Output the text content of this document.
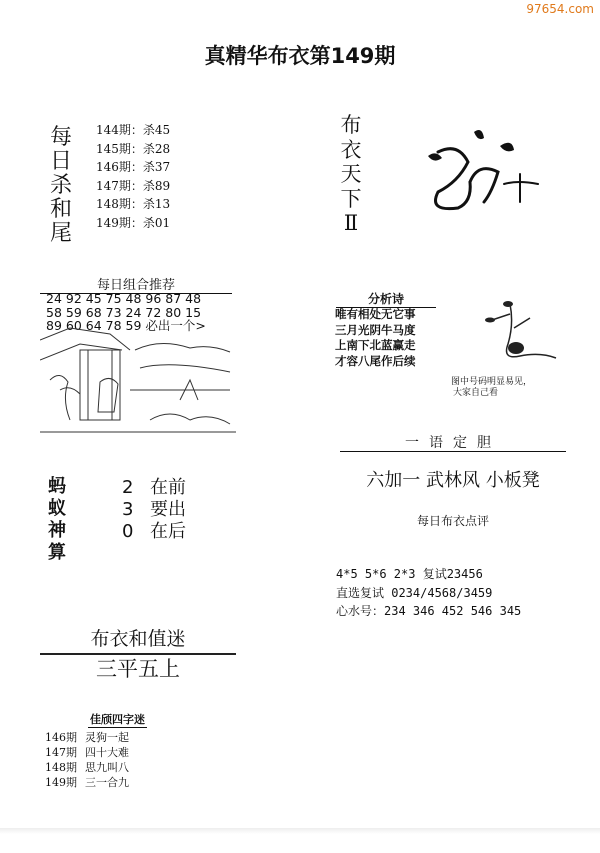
97654.com
真精华布衣第149期
每
日
杀
和
尾
144期：杀45
145期：杀28
146期：杀37
147期：杀89
148期：杀13
149期：杀01
每日组合推荐
24 92 45 75 48 96 87 48
58 59 68 73 24 72 80 15
89 60 64 78 59 必出一个>
蚂
蚁
神
算
2 在前
3 要出
0 在后
布衣和值迷
三平五上
佳颀四字迷
146期 灵狗一起
147期 四十大难
148期 思九叫八
149期 三一合九
布
衣
天
下
Ⅱ
分析诗
唯有相处无它事
三月光阴牛马度
上南下北蓝赢走
才容八尾作后续
图中号码明显易见，
大家自己看
一语定胆
六加一 武林风 小板凳
每日布衣点评
4*5 5*6 2*3 复试23456
直选复试 0234/4568/3459
心水号：234 346 452 546 345
